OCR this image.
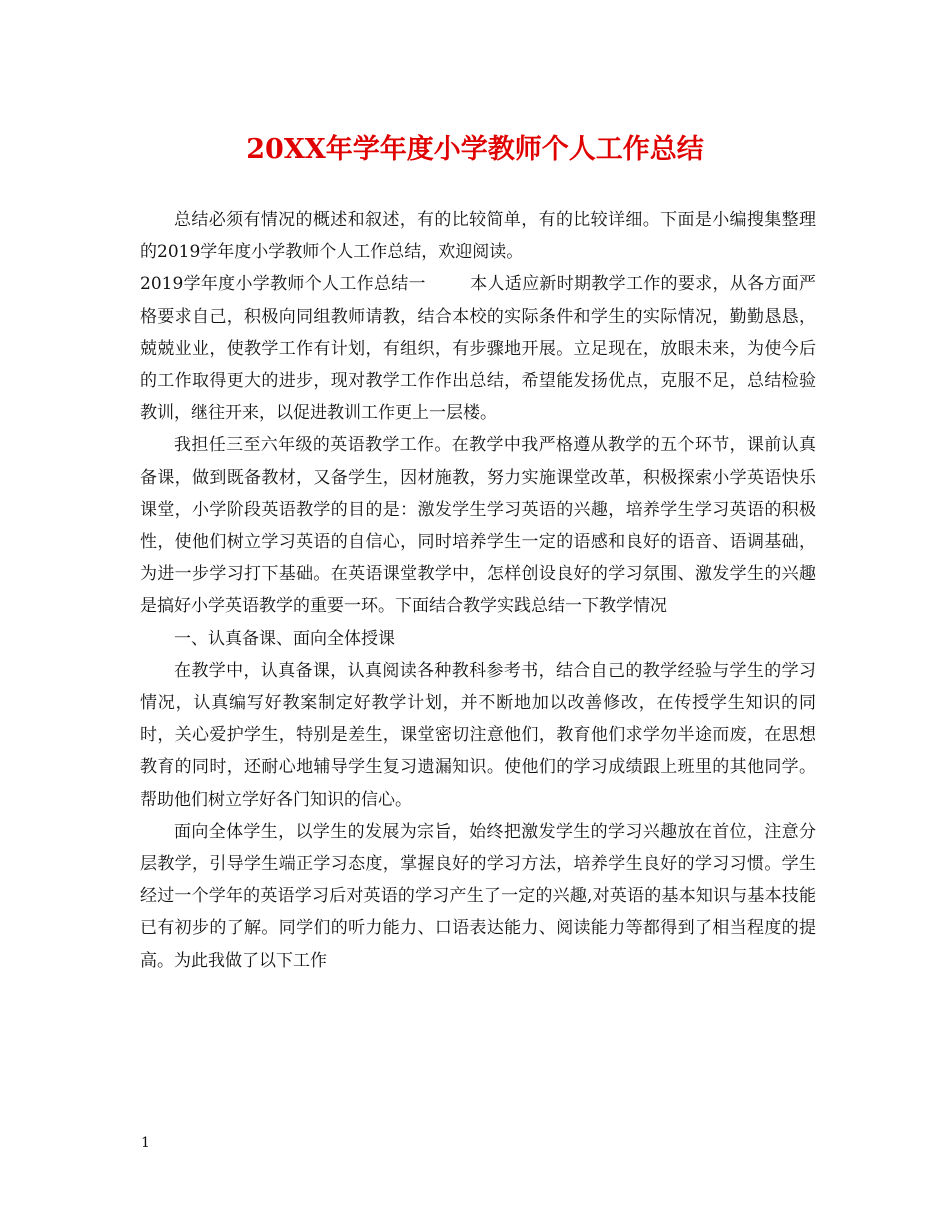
20XX年学年度小学教师个人工作总结

总结必须有情况的概述和叙述，有的比较简单，有的比较详细。下面是小编搜集整理的2019学年度小学教师个人工作总结，欢迎阅读。

2019学年度小学教师个人工作总结一	本人适应新时期教学工作的要求，从各方面严格要求自己，积极向同组教师请教，结合本校的实际条件和学生的实际情况，勤勤恳恳，兢兢业业，使教学工作有计划，有组织，有步骤地开展。立足现在，放眼未来，为使今后的工作取得更大的进步，现对教学工作作出总结，希望能发扬优点，克服不足，总结检验教训，继往开来，以促进教训工作更上一层楼。

我担任三至六年级的英语教学工作。在教学中我严格遵从教学的五个环节，课前认真备课，做到既备教材，又备学生，因材施教，努力实施课堂改革，积极探索小学英语快乐课堂，小学阶段英语教学的目的是：激发学生学习英语的兴趣，培养学生学习英语的积极性，使他们树立学习英语的自信心，同时培养学生一定的语感和良好的语音、语调基础，为进一步学习打下基础。在英语课堂教学中，怎样创设良好的学习氛围、激发学生的兴趣是搞好小学英语教学的重要一环。下面结合教学实践总结一下教学情况

一、认真备课、面向全体授课

在教学中，认真备课，认真阅读各种教科参考书，结合自己的教学经验与学生的学习情况，认真编写好教案制定好教学计划，并不断地加以改善修改，在传授学生知识的同时，关心爱护学生，特别是差生，课堂密切注意他们，教育他们求学勿半途而废，在思想教育的同时，还耐心地辅导学生复习遗漏知识。使他们的学习成绩跟上班里的其他同学。帮助他们树立学好各门知识的信心。

面向全体学生，以学生的发展为宗旨，始终把激发学生的学习兴趣放在首位，注意分层教学，引导学生端正学习态度，掌握良好的学习方法，培养学生良好的学习习惯。学生经过一个学年的英语学习后对英语的学习产生了一定的兴趣,对英语的基本知识与基本技能已有初步的了解。同学们的听力能力、口语表达能力、阅读能力等都得到了相当程度的提高。为此我做了以下工作

1
